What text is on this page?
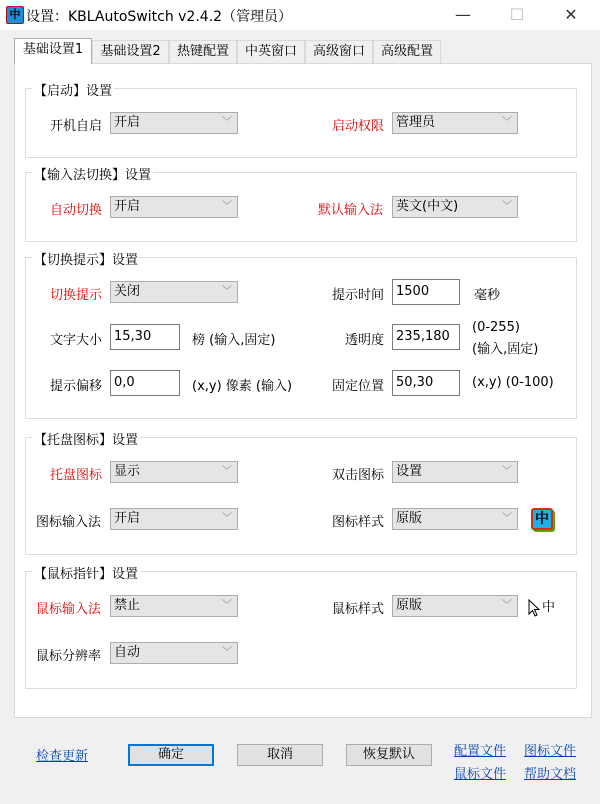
中 设置：KBLAutoSwitch v2.4.2（管理员）	—	☐	✕
基础设置1	基础设置2	热键配置	中英窗口	高级窗口	高级配置
【启动】设置
开机自启 开启	﹀	启动权限 管理员	﹀
【输入法切换】设置
自动切换 开启	﹀	默认输入法 英文(中文)	﹀
【切换提示】设置
切换提示 关闭	﹀	提示时间 1500	毫秒
文字大小 15,30	榜 (输入,固定)	透明度 235,180
(0-255)
(输入,固定)
提示偏移 0,0	(x,y) 像素 (输入)	固定位置 50,30	(x,y) (0-100)
【托盘图标】设置
托盘图标 显示	﹀	双击图标 设置	﹀
图标输入法 开启	﹀	图标样式 原版	﹀ 中
【鼠标指针】设置
鼠标输入法 禁止	﹀	鼠标样式 原版	﹀	中
鼠标分辨率 自动	﹀
检查更新	确定	取消	恢复默认	配置文件 图标文件
鼠标文件 帮助文档
